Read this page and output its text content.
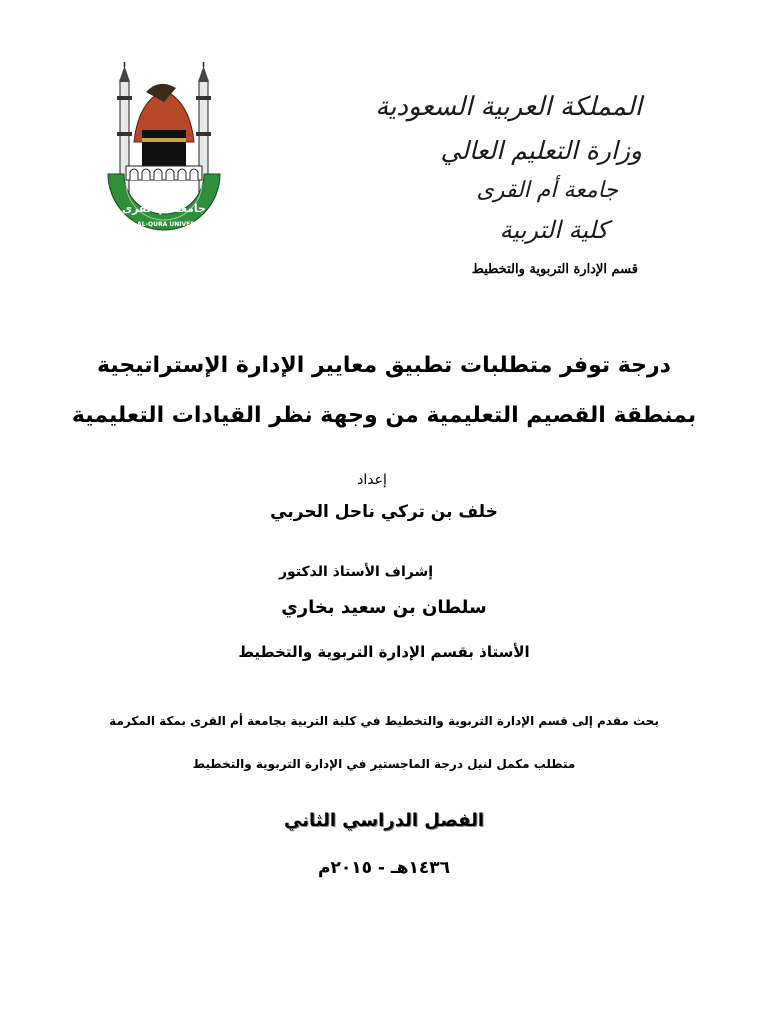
جامعة أم القرى
UMM AL-QURA UNIVERSITY
المملكة العربية السعودية
وزارة التعليم العالي
جامعة أم القرى
كلية التربية
قسم الإدارة التربوية والتخطيط
درجة توفر متطلبات تطبيق معايير الإدارة الإستراتيجية
بمنطقة القصيم التعليمية من وجهة نظر القيادات التعليمية
إعداد
خلف بن تركي ناحل الحربي
إشراف الأستاذ الدكتور
سلطان بن سعيد بخاري
الأستاذ بقسم الإدارة التربوية والتخطيط
بحث مقدم إلى قسم الإدارة التربوية والتخطيط في كلية التربية بجامعة أم القرى بمكة المكرمة
متطلب مكمل لنيل درجة الماجستير في الإدارة التربوية والتخطيط
الفصل الدراسي الثاني
١٤٣٦هـ - ٢٠١٥م
